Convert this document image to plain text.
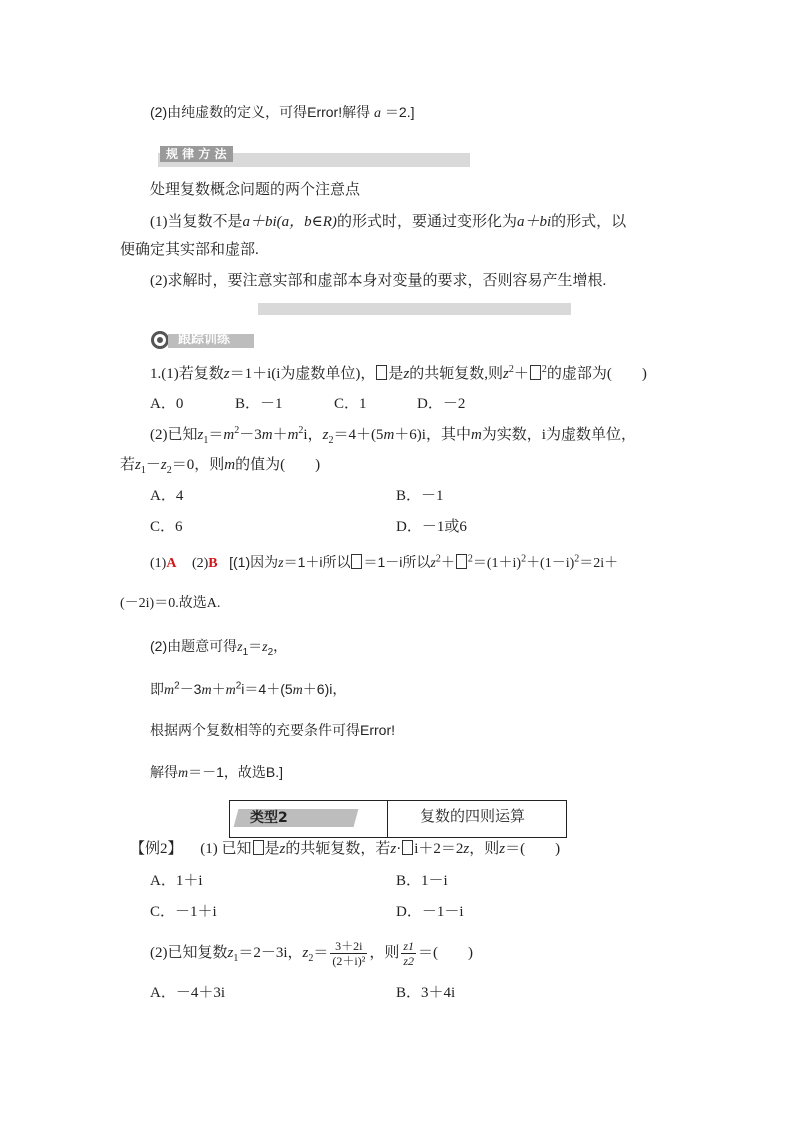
(2)由纯虚数的定义，可得Error!解得 a ＝2.]
规 律 方 法
处理复数概念问题的两个注意点
(1)当复数不是a＋bi(a，b∈R)的形式时，要通过变形化为a＋bi的形式，以
便确定其实部和虚部.
(2)求解时，要注意实部和虚部本身对变量的要求，否则容易产生增根.
跟踪训练
1.(1)若复数z＝1＋i(i为虚数单位)， 是z的共轭复数,则$z^2+ ^2$的虚部为(　　)
A．0	B．－1	C．1	D．－2
(2)已知$z_1=m^2-3m+m^2i$，$z_2=4+(5m+6)i$，其中m为实数，i为虚数单位，
若$z_1-z_2=0$，则m的值为(　　)
A．4	B．－1
C．6	D．－1或6
(1)A (2)B [(1)因为z＝1＋i所以 ＝1－i所以$z^2+ ^2=(1+i)^2+(1-i)^2=2i+$
(－2i)＝0.故选A.
(2)由题意可得$z_1=z_2$，
即$m^2-3m+m^2i=4+(5m+6)i$，
根据两个复数相等的充要条件可得Error!
解得m＝－1，故选B.]
类型2	复数的四则运算
【例2】 (1) 已知 是z的共轭复数，若z· i＋2＝2z，则z＝(　　)
A．1＋i	B．1－i
C．－1＋i	D．－1－i
(2)已知复数$z_1=2-3i$，$z_2= \frac{3+2i}{\text{(2＋i)²}}$ ，则 $\frac{z1}{z2}$ ＝(　　)
A．－4＋3i	B．3＋4i
